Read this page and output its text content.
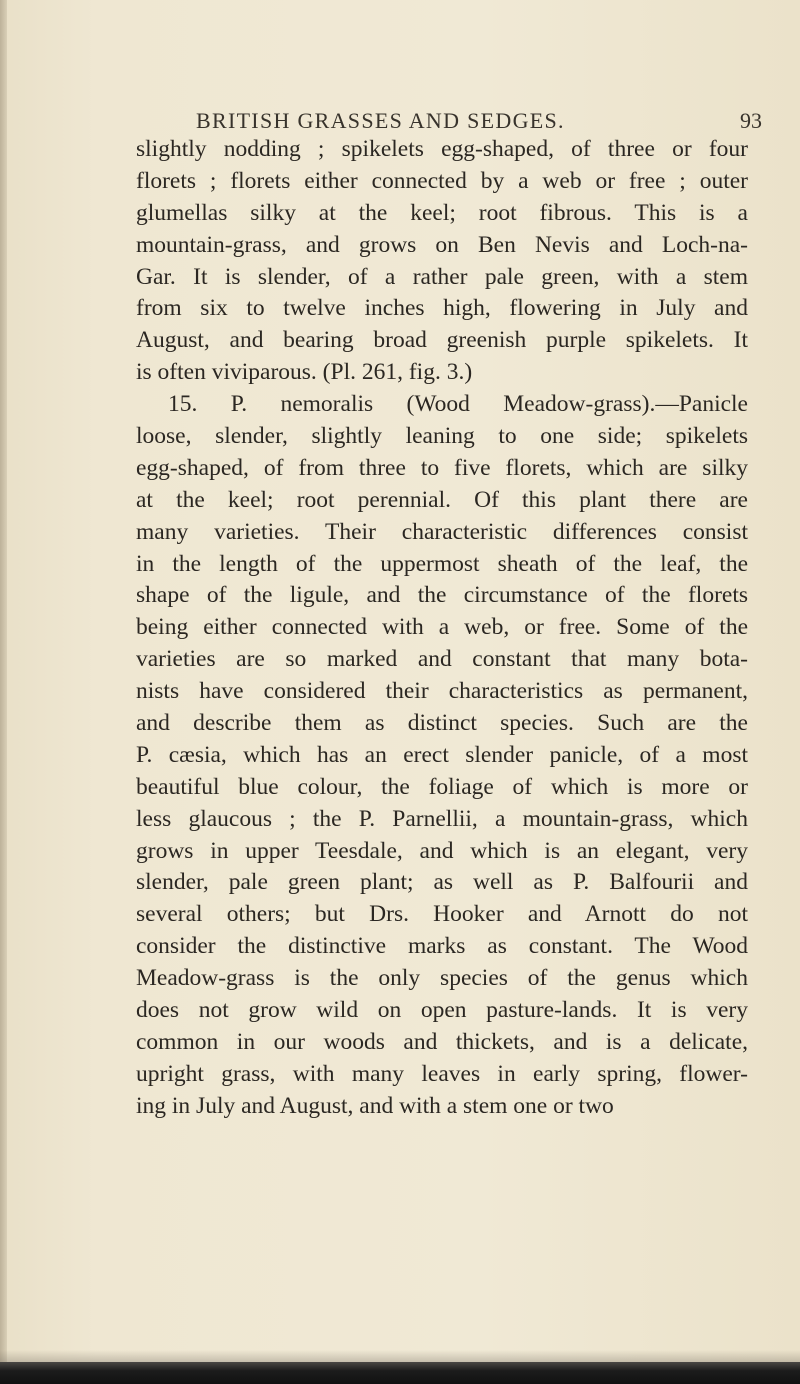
BRITISH GRASSES AND SEDGES.	93
slightly nodding ; spikelets egg-shaped, of three or four
florets ; florets either connected by a web or free ; outer
glumellas silky at the keel; root fibrous. This is a
mountain-grass, and grows on Ben Nevis and Loch-na-
Gar. It is slender, of a rather pale green, with a stem
from six to twelve inches high, flowering in July and
August, and bearing broad greenish purple spikelets. It
is often viviparous. (Pl. 261, fig. 3.)
15. P. nemoralis (Wood Meadow-grass).—Panicle
loose, slender, slightly leaning to one side; spikelets
egg-shaped, of from three to five florets, which are silky
at the keel; root perennial. Of this plant there are
many varieties. Their characteristic differences consist
in the length of the uppermost sheath of the leaf, the
shape of the ligule, and the circumstance of the florets
being either connected with a web, or free. Some of the
varieties are so marked and constant that many bota-
nists have considered their characteristics as permanent,
and describe them as distinct species. Such are the
P. cæsia, which has an erect slender panicle, of a most
beautiful blue colour, the foliage of which is more or
less glaucous ; the P. Parnellii, a mountain-grass, which
grows in upper Teesdale, and which is an elegant, very
slender, pale green plant; as well as P. Balfourii and
several others; but Drs. Hooker and Arnott do not
consider the distinctive marks as constant. The Wood
Meadow-grass is the only species of the genus which
does not grow wild on open pasture-lands. It is very
common in our woods and thickets, and is a delicate,
upright grass, with many leaves in early spring, flower-
ing in July and August, and with a stem one or two
